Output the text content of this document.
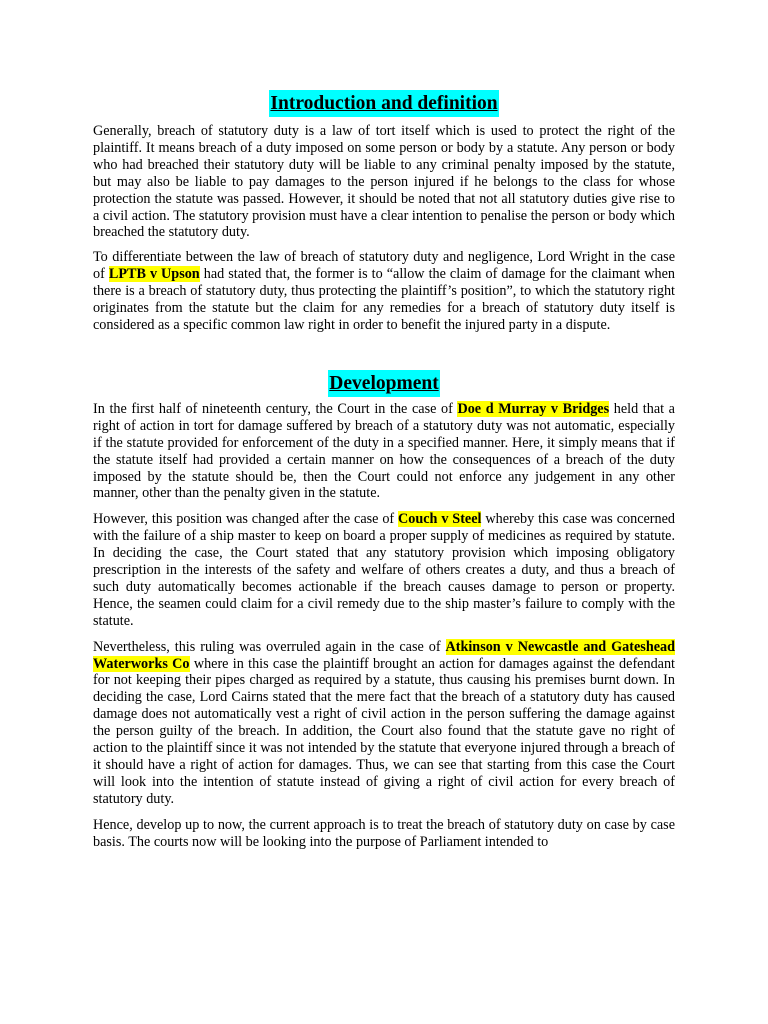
Introduction and definition

Generally, breach of statutory duty is a law of tort itself which is used to protect the right of the plaintiff. It means breach of a duty imposed on some person or body by a statute. Any person or body who had breached their statutory duty will be liable to any criminal penalty imposed by the statute, but may also be liable to pay damages to the person injured if he belongs to the class for whose protection the statute was passed. However, it should be noted that not all statutory duties give rise to a civil action. The statutory provision must have a clear intention to penalise the person or body which breached the statutory duty.

To differentiate between the law of breach of statutory duty and negligence, Lord Wright in the case of LPTB v Upson had stated that, the former is to “allow the claim of damage for the claimant when there is a breach of statutory duty, thus protecting the plaintiff’s position”, to which the statutory right originates from the statute but the claim for any remedies for a breach of statutory duty itself is considered as a specific common law right in order to benefit the injured party in a dispute.

Development

In the first half of nineteenth century, the Court in the case of Doe d Murray v Bridges held that a right of action in tort for damage suffered by breach of a statutory duty was not automatic, especially if the statute provided for enforcement of the duty in a specified manner. Here, it simply means that if the statute itself had provided a certain manner on how the consequences of a breach of the duty imposed by the statute should be, then the Court could not enforce any judgement in any other manner, other than the penalty given in the statute.

However, this position was changed after the case of Couch v Steel whereby this case was concerned with the failure of a ship master to keep on board a proper supply of medicines as required by statute. In deciding the case, the Court stated that any statutory provision which imposing obligatory prescription in the interests of the safety and welfare of others creates a duty, and thus a breach of such duty automatically becomes actionable if the breach causes damage to person or property. Hence, the seamen could claim for a civil remedy due to the ship master’s failure to comply with the statute.

Nevertheless, this ruling was overruled again in the case of Atkinson v Newcastle and Gateshead Waterworks Co where in this case the plaintiff brought an action for damages against the defendant for not keeping their pipes charged as required by a statute, thus causing his premises burnt down. In deciding the case, Lord Cairns stated that the mere fact that the breach of a statutory duty has caused damage does not automatically vest a right of civil action in the person suffering the damage against the person guilty of the breach. In addition, the Court also found that the statute gave no right of action to the plaintiff since it was not intended by the statute that everyone injured through a breach of it should have a right of action for damages. Thus, we can see that starting from this case the Court will look into the intention of statute instead of giving a right of civil action for every breach of statutory duty.

Hence, develop up to now, the current approach is to treat the breach of statutory duty on case by case basis. The courts now will be looking into the purpose of Parliament intended to
